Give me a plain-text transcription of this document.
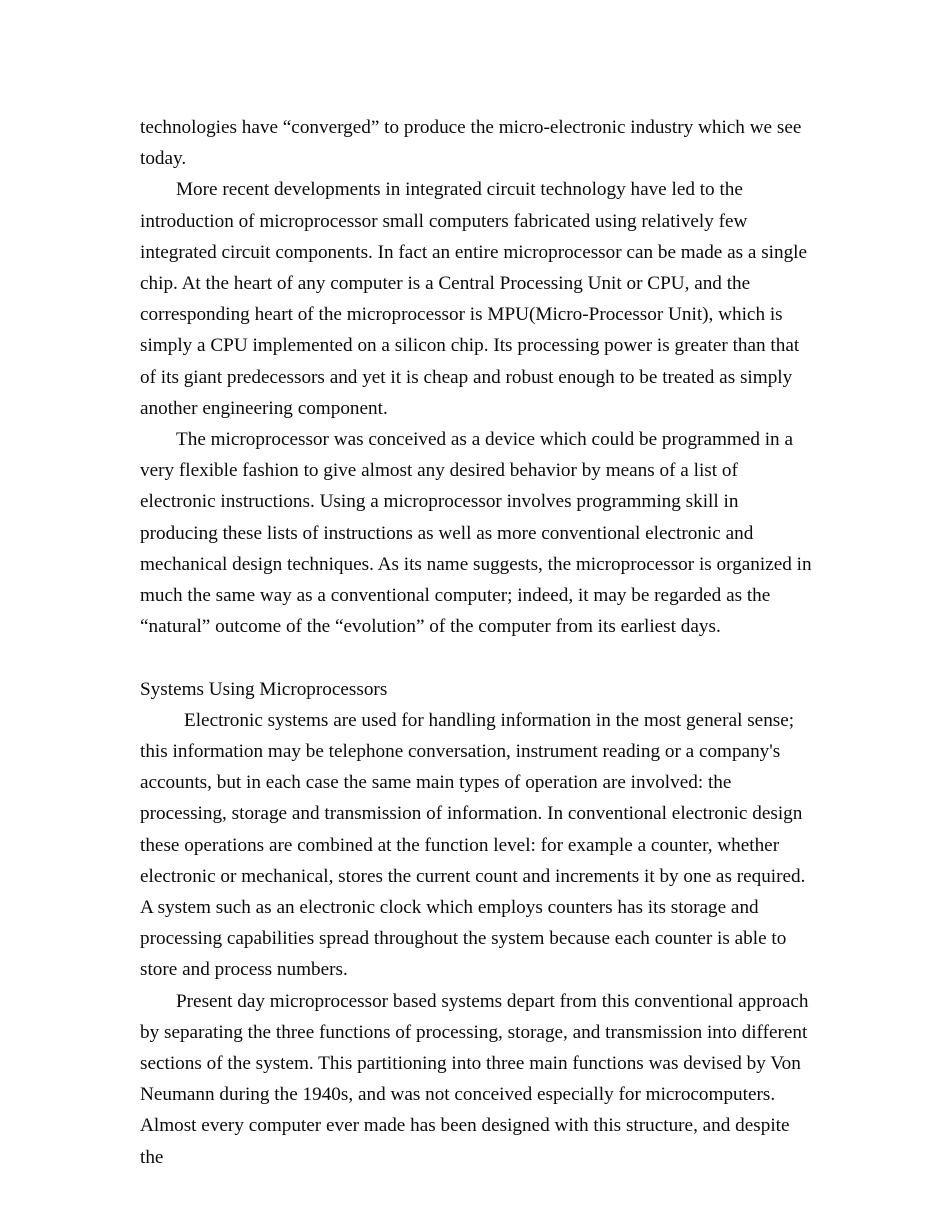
technologies have “converged” to produce the micro-electronic industry which we see today.

More recent developments in integrated circuit technology have led to the introduction of microprocessor small computers fabricated using relatively few integrated circuit components. In fact an entire microprocessor can be made as a single chip. At the heart of any computer is a Central Processing Unit or CPU, and the corresponding heart of the microprocessor is MPU(Micro-Processor Unit), which is simply a CPU implemented on a silicon chip. Its processing power is greater than that of its giant predecessors and yet it is cheap and robust enough to be treated as simply another engineering component.

The microprocessor was conceived as a device which could be programmed in a very flexible fashion to give almost any desired behavior by means of a list of electronic instructions. Using a microprocessor involves programming skill in producing these lists of instructions as well as more conventional electronic and mechanical design techniques. As its name suggests, the microprocessor is organized in much the same way as a conventional computer; indeed, it may be regarded as the “natural” outcome of the “evolution” of the computer from its earliest days.

Systems Using Microprocessors

Electronic systems are used for handling information in the most general sense; this information may be telephone conversation, instrument reading or a company's accounts, but in each case the same main types of operation are involved: the processing, storage and transmission of information. In conventional electronic design these operations are combined at the function level: for example a counter, whether electronic or mechanical, stores the current count and increments it by one as required. A system such as an electronic clock which employs counters has its storage and processing capabilities spread throughout the system because each counter is able to store and process numbers.

Present day microprocessor based systems depart from this conventional approach by separating the three functions of processing, storage, and transmission into different sections of the system. This partitioning into three main functions was devised by Von Neumann during the 1940s, and was not conceived especially for microcomputers. Almost every computer ever made has been designed with this structure, and despite the
